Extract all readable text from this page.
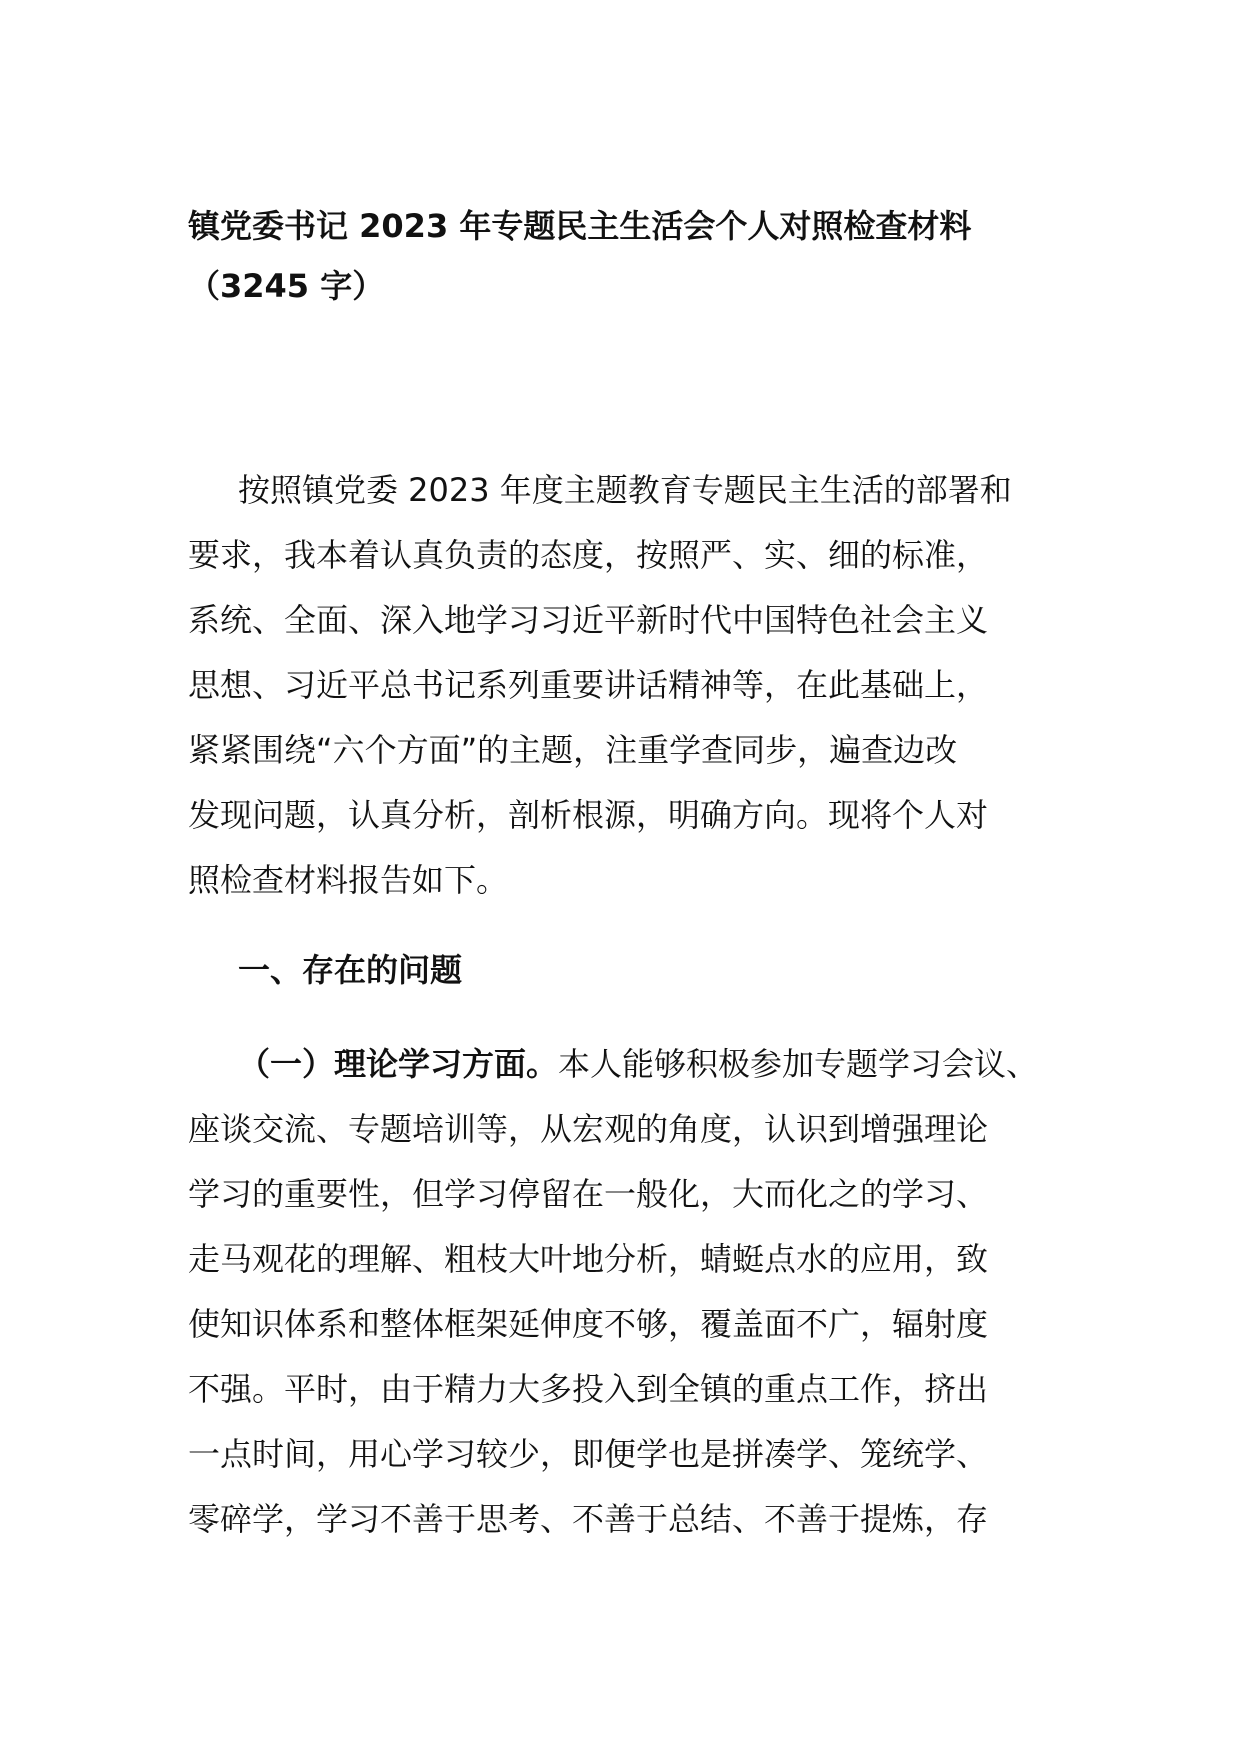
镇党委书记 2023 年专题民主生活会个人对照检查材料
（3245 字）
按照镇党委 2023 年度主题教育专题民主生活的部署和
要求，我本着认真负责的态度，按照严、实、细的标准，
系统、全面、深入地学习习近平新时代中国特色社会主义
思想、习近平总书记系列重要讲话精神等，在此基础上，
紧紧围绕“六个方面”的主题，注重学查同步，遍查边改
发现问题，认真分析，剖析根源，明确方向。现将个人对
照检查材料报告如下。
一、存在的问题
（一）理论学习方面。本人能够积极参加专题学习会议、
座谈交流、专题培训等，从宏观的角度，认识到增强理论
学习的重要性，但学习停留在一般化，大而化之的学习、
走马观花的理解、粗枝大叶地分析，蜻蜓点水的应用，致
使知识体系和整体框架延伸度不够，覆盖面不广，辐射度
不强。平时，由于精力大多投入到全镇的重点工作，挤出
一点时间，用心学习较少，即便学也是拼凑学、笼统学、
零碎学，学习不善于思考、不善于总结、不善于提炼，存
